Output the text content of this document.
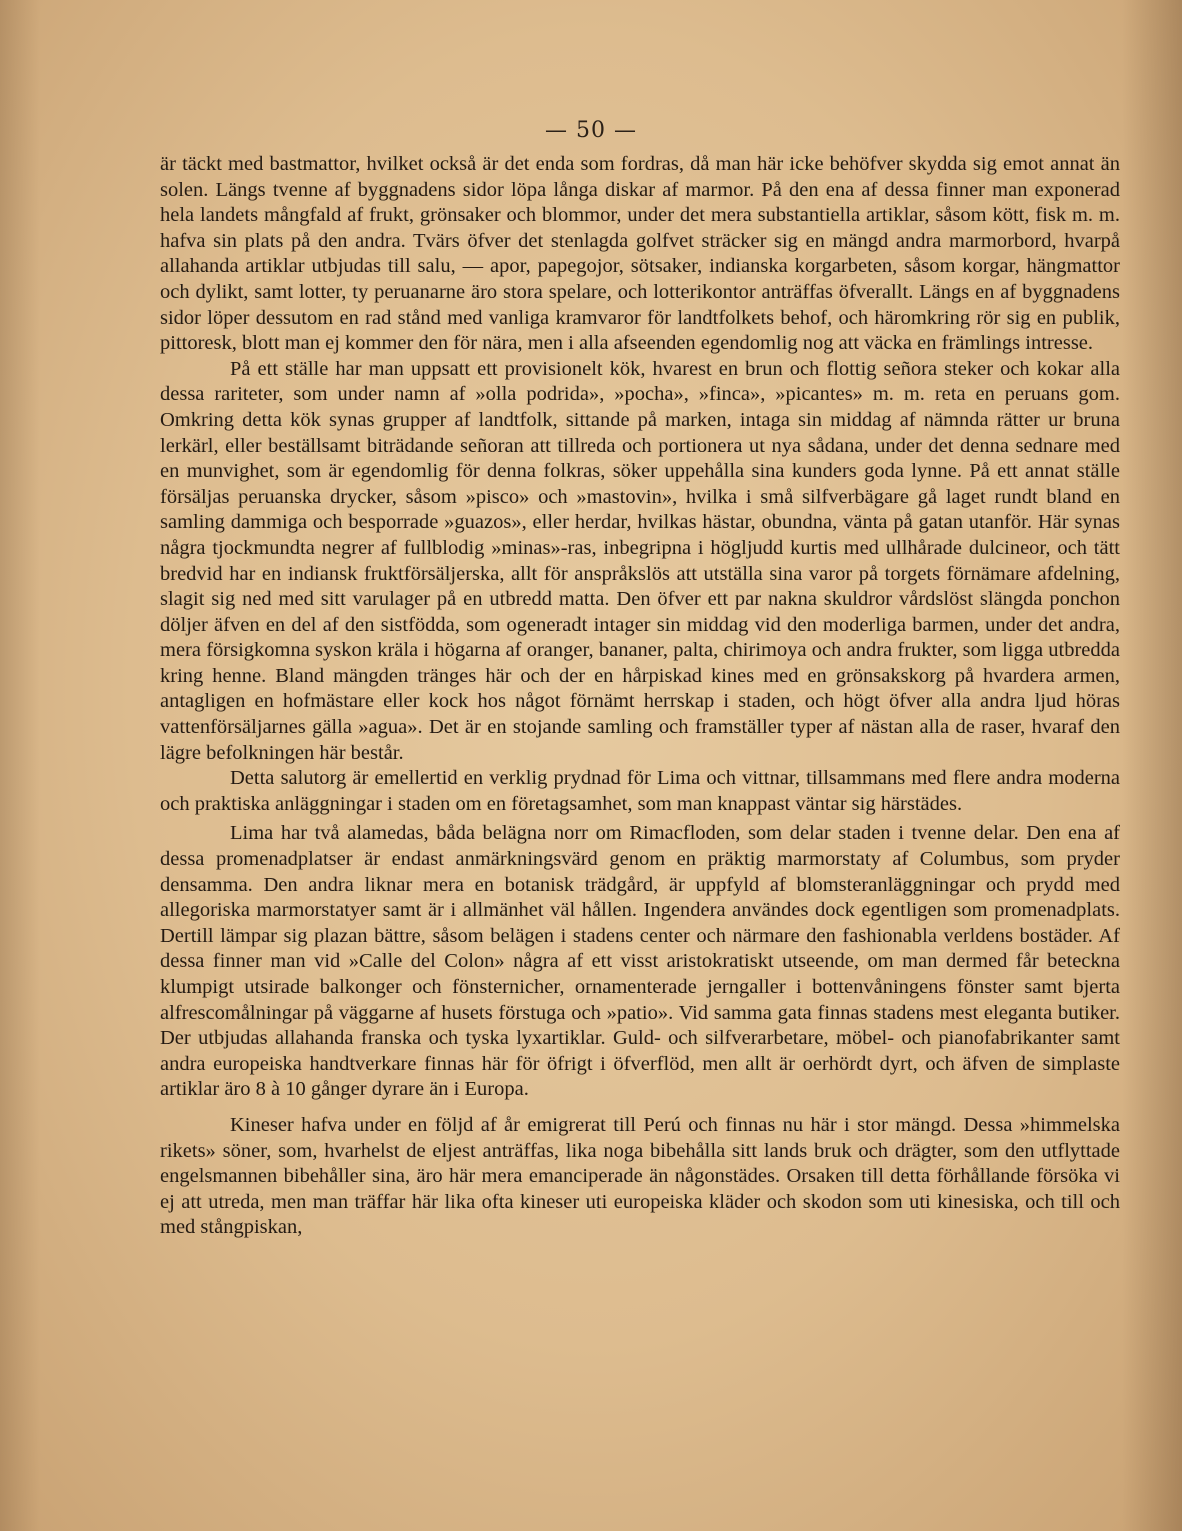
— 50 —

är täckt med bastmattor, hvilket också är det enda som fordras, då man här icke behöfver skydda sig emot annat än solen. Längs tvenne af byggnadens sidor löpa långa diskar af marmor. På den ena af dessa finner man exponerad hela landets mångfald af frukt, grönsaker och blommor, under det mera substantiella artiklar, såsom kött, fisk m. m. hafva sin plats på den andra. Tvärs öfver det stenlagda golfvet sträcker sig en mängd andra marmorbord, hvarpå allahanda artiklar utbjudas till salu, — apor, papegojor, sötsaker, indianska korgarbeten, såsom korgar, hängmattor och dylikt, samt lotter, ty peruanarne äro stora spelare, och lotterikontor anträffas öfverallt. Längs en af byggnadens sidor löper dessutom en rad stånd med vanliga kramvaror för landtfolkets behof, och häromkring rör sig en publik, pittoresk, blott man ej kommer den för nära, men i alla afseenden egendomlig nog att väcka en främlings intresse.

På ett ställe har man uppsatt ett provisionelt kök, hvarest en brun och flottig señora steker och kokar alla dessa rariteter, som under namn af »olla podrida», »pocha», »finca», »picantes» m. m. reta en peruans gom. Omkring detta kök synas grupper af landtfolk, sittande på marken, intaga sin middag af nämnda rätter ur bruna lerkärl, eller beställsamt biträdande señoran att tillreda och portionera ut nya sådana, under det denna sednare med en munvighet, som är egendomlig för denna folkras, söker uppehålla sina kunders goda lynne. På ett annat ställe försäljas peruanska drycker, såsom »pisco» och »mastovin», hvilka i små silfverbägare gå laget rundt bland en samling dammiga och besporrade »guazos», eller herdar, hvilkas hästar, obundna, vänta på gatan utanför. Här synas några tjockmundta negrer af fullblodig »minas»-ras, inbegripna i högljudd kurtis med ullhårade dulcineor, och tätt bredvid har en indiansk fruktförsäljerska, allt för anspråkslös att utställa sina varor på torgets förnämare afdelning, slagit sig ned med sitt varulager på en utbredd matta. Den öfver ett par nakna skuldror vårdslöst slängda ponchon döljer äfven en del af den sistfödda, som ogeneradt intager sin middag vid den moderliga barmen, under det andra, mera försigkomna syskon kräla i högarna af oranger, bananer, palta, chirimoya och andra frukter, som ligga utbredda kring henne. Bland mängden tränges här och der en hårpiskad kines med en grönsakskorg på hvardera armen, antagligen en hofmästare eller kock hos något förnämt herrskap i staden, och högt öfver alla andra ljud höras vattenförsäljarnes gälla »agua». Det är en stojande samling och framställer typer af nästan alla de raser, hvaraf den lägre befolkningen här består.

Detta salutorg är emellertid en verklig prydnad för Lima och vittnar, tillsammans med flere andra moderna och praktiska anläggningar i staden om en företagsamhet, som man knappast väntar sig härstädes.

Lima har två alamedas, båda belägna norr om Rimacfloden, som delar staden i tvenne delar. Den ena af dessa promenadplatser är endast anmärkningsvärd genom en präktig marmorstaty af Columbus, som pryder densamma. Den andra liknar mera en botanisk trädgård, är uppfyld af blomsteranläggningar och prydd med allegoriska marmorstatyer samt är i allmänhet väl hållen. Ingendera användes dock egentligen som promenadplats. Dertill lämpar sig plazan bättre, såsom belägen i stadens center och närmare den fashionabla verldens bostäder. Af dessa finner man vid »Calle del Colon» några af ett visst aristokratiskt utseende, om man dermed får beteckna klumpigt utsirade balkonger och fönsternicher, ornamenterade jerngaller i bottenvåningens fönster samt bjerta alfrescomålningar på väggarne af husets förstuga och »patio». Vid samma gata finnas stadens mest eleganta butiker. Der utbjudas allahanda franska och tyska lyxartiklar. Guld- och silfverarbetare, möbel- och pianofabrikanter samt andra europeiska handtverkare finnas här för öfrigt i öfverflöd, men allt är oerhördt dyrt, och äfven de simplaste artiklar äro 8 à 10 gånger dyrare än i Europa.

Kineser hafva under en följd af år emigrerat till Perú och finnas nu här i stor mängd. Dessa »himmelska rikets» söner, som, hvarhelst de eljest anträffas, lika noga bibehålla sitt lands bruk och drägter, som den utflyttade engelsmannen bibehåller sina, äro här mera emanciperade än någonstädes. Orsaken till detta förhållande försöka vi ej att utreda, men man träffar här lika ofta kineser uti europeiska kläder och skodon som uti kinesiska, och till och med stångpiskan,
